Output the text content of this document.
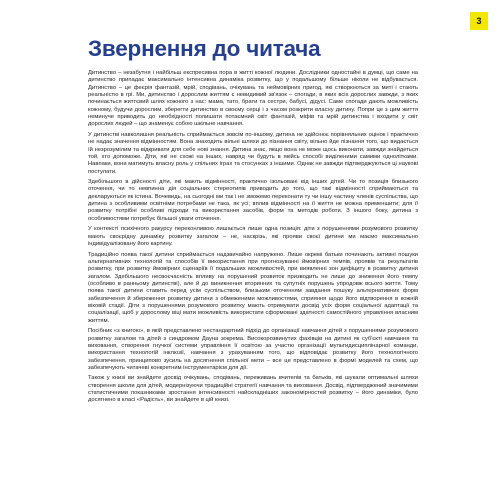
3
Звернення до читача

Дитинство – незабутня і найбільш експресивна пора в житті кожної людини. Дослідники одностайні в думці, що саме на дитинство припадає максимально інтенсивна динаміка розвитку, що у подальшому більше ніколи не відбувається. Дитинство – це феєрія фантазій, мрій, сподівань, очікувань та неймовірних пригод, які створюються за миті і стають реальністю в грі. Ми, дитинство і дорослим життям є невидимий зв'язок – спогади, в яких всіх дорослих завжди, з яких починається життєвий шлях кожного з нас: мама, тато, брати та сестри, бабусі, дідусі. Саме спогади дають можливість кожному, будучи дорослим, зберегти дитинство в своєму серці і з часом розкрити власну дитину. Попри це з цим життя неминуче приводить до необхідності полишати потаємний світ фантазій, міфів та мрій дитинства і входити у світ дорослих людей – що знаменує собою шкільне навчання.

У дитинстві навколишня реальність сприймається зовсім по-іншому, дитина не здійснює порівняльних оцінок і практично не надає значення відмінностям. Вона знаходить вільні шляхи до пізнання світу, вільно йде пізнання того, що видається їй незрозумілим та відкривати для себе нові знання. Дитина знає, якщо вона не може щось виконати, завжди знайдеться той, хто допоможе. Діти, які не схожі на інших, навряд чи будуть в якійсь способі виділеними самими однолітками. Навпаки, вони матимуть власну роль у спільних іграх та стосунках з іншими. Однак не завжди підтверджуються ці наукові постулати.

Здебільшого в дійсності діти, які мають відмінності, практично ізольовані від інших дітей. Чи то позиція близького оточення, чи то невпинна дія соціальних стереотипів приводить до того, що такі відмінності сприймаються та декларуються як істина. Вочевидь, на сьогодні ми так і не зможемо переконати ту чи іншу частину членів суспільства, що дитина з особливими освітніми потребами не така, як усі; вплив відмінності на її життя не можна применшити; для її розвитку потрібні особливі підходи та використання засобів, форм та методів роботи. З іншого боку, дитина з особливостями потребує більшої уваги оточення.

У контексті психічного ракурсу переконливою лишається лише одна позиція: діти з порушеннями розумового розвитку мають своєрідну динаміку розвитку загалом – не, наскрізь, які прояви своєї дитини ми маємо максимально індивідуалізовану його картину.

Традиційно поява такої дитини сприймається надзвичайно напружено. Лише окремі батьки починають активні пошуки альтернативних технологій та способів її використання при прогнозуванні ймовірних темпів, проявів та результатів розвитку, при розвитку ймовірних сценаріїв її подальших можливостей, при виявленні зон дефіциту в розвитку дитини загалом. Здебільшого несвоєчасність впливу на порушений розвиток призводить не лише до зниження його темпу (особливо в ранньому дитинстві), але й до виникнення вторинних та супутніх порушень упродовж всього життя. Тому поява такої дитини ставить перед усім суспільством, близьким оточенням завдання пошуку альтернативних форм забезпечення й збереження розвитку дитини з обмеженими можливостями, сприяння щодо його відтворення в кожній віковій стадії. Діти з порушеннями розумового розвитку мають отримувати досвід усіх форм соціальної адаптації та соціалізації, щоб у дорослому віці мати можливість використати сформовані здатності самостійного управління власним життям.

Посібник «з книгою», в якій представлено нестандартний підхід до організації навчання дітей з порушеннями розумового розвитку загалом та дітей з синдромом Дауна зокрема. Високорозвинутих фахівців на дитині як суб'єкті навчання та виховання, створення гнучкої системи управління її освітою за участю організації мультидисциплінарної команди, використання технологій інклюзії, навчання з урахуванням того, що відповідає розвитку його технологічного забезпечення, принципово зусиль на досягнення спільної мети – все це представлено в формі моделей та схем, що забезпечують читачеві конкретним інструментарієм для дії.

Також у книзі ви знайдете досвід очікувань, сподівань, переживань вчителів та батьків, які шукали оптимальні шляхи створення школи для дітей, модернізуючи традиційні стратегії навчання та виховання. Досвід, підтверджений значимими статистичними показниками зростання інтенсивності найскладніших закономірностей розвитку – його динаміки, було досягнено в класі «Радість», ви знайдете в цій книзі.
